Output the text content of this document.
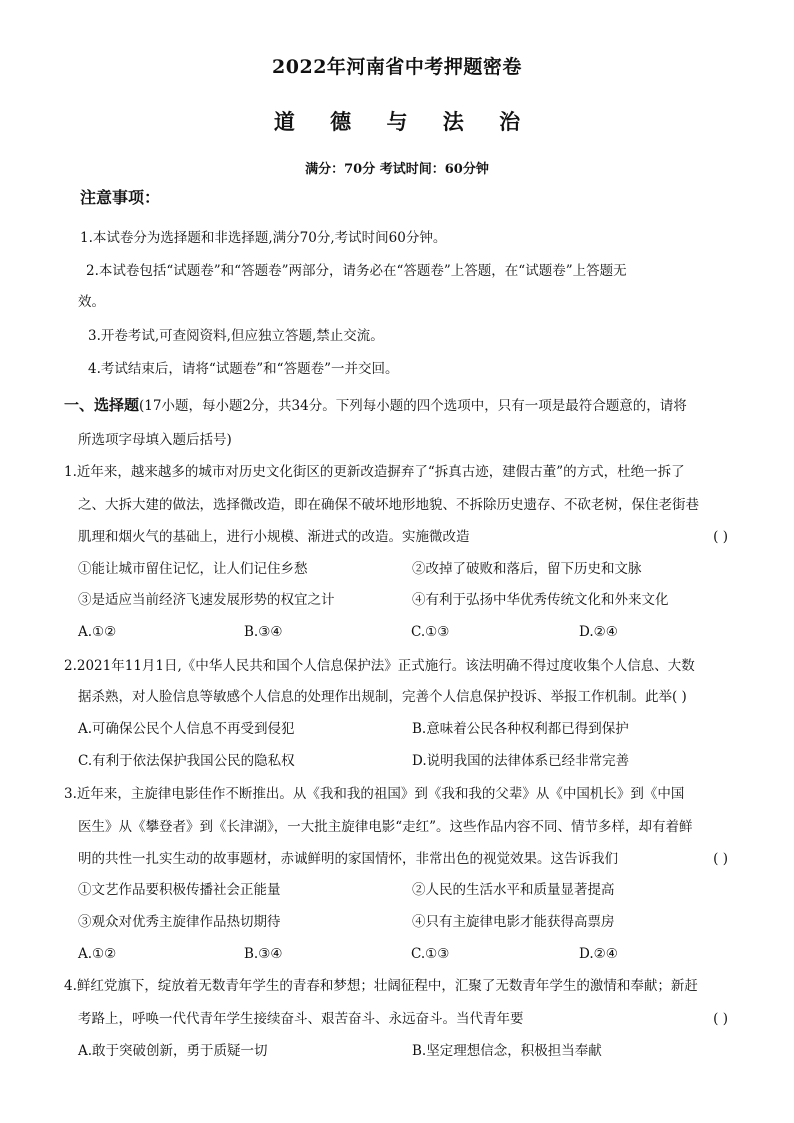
2022年河南省中考押题密卷
道 德 与 法 治
满分：70分 考试时间：60分钟
注意事项：
1.本试卷分为选择题和非选择题,满分70分,考试时间60分钟。
2.本试卷包括“试题卷”和“答题卷”两部分，请务必在“答题卷”上答题，在“试题卷”上答题无
效。
3.开卷考试,可查阅资料,但应独立答题,禁止交流。
4.考试结束后，请将“试题卷”和“答题卷”一并交回。
一、选择题(17小题，每小题2分，共34分。下列每小题的四个选项中，只有一项是最符合题意的，请将
所选项字母填入题后括号)
1.近年来，越来越多的城市对历史文化街区的更新改造摒弃了“拆真古迹，建假古董”的方式，杜绝一拆了
之、大拆大建的做法，选择微改造，即在确保不破坏地形地貌、不拆除历史遗存、不砍老树，保住老街巷
肌理和烟火气的基础上，进行小规模、渐进式的改造。实施微改造	( )
①能让城市留住记忆，让人们记住乡愁	②改掉了破败和落后，留下历史和文脉
③是适应当前经济飞速发展形势的权宜之计	④有利于弘扬中华优秀传统文化和外来文化
A.①②	B.③④	C.①③	D.②④
2.2021年11月1日,《中华人民共和国个人信息保护法》正式施行。该法明确不得过度收集个人信息、大数
据杀熟，对人脸信息等敏感个人信息的处理作出规制，完善个人信息保护投诉、举报工作机制。此举( )
A.可确保公民个人信息不再受到侵犯	B.意味着公民各种权利都已得到保护
C.有利于依法保护我国公民的隐私权	D.说明我国的法律体系已经非常完善
3.近年来，主旋律电影佳作不断推出。从《我和我的祖国》到《我和我的父辈》从《中国机长》到《中国
医生》从《攀登者》到《长津湖》，一大批主旋律电影“走红”。这些作品内容不同、情节多样，却有着鲜
明的共性一扎实生动的故事题材，赤诚鲜明的家国情怀，非常出色的视觉效果。这告诉我们	( )
①文艺作品要积极传播社会正能量	②人民的生活水平和质量显著提高
③观众对优秀主旋律作品热切期待	④只有主旋律电影才能获得高票房
A.①②	B.③④	C.①③	D.②④
4.鲜红党旗下，绽放着无数青年学生的青春和梦想；壮阔征程中，汇聚了无数青年学生的激情和奉献；新赶
考路上，呼唤一代代青年学生接续奋斗、艰苦奋斗、永远奋斗。当代青年要	( )
A.敢于突破创新，勇于质疑一切	B.坚定理想信念，积极担当奉献
